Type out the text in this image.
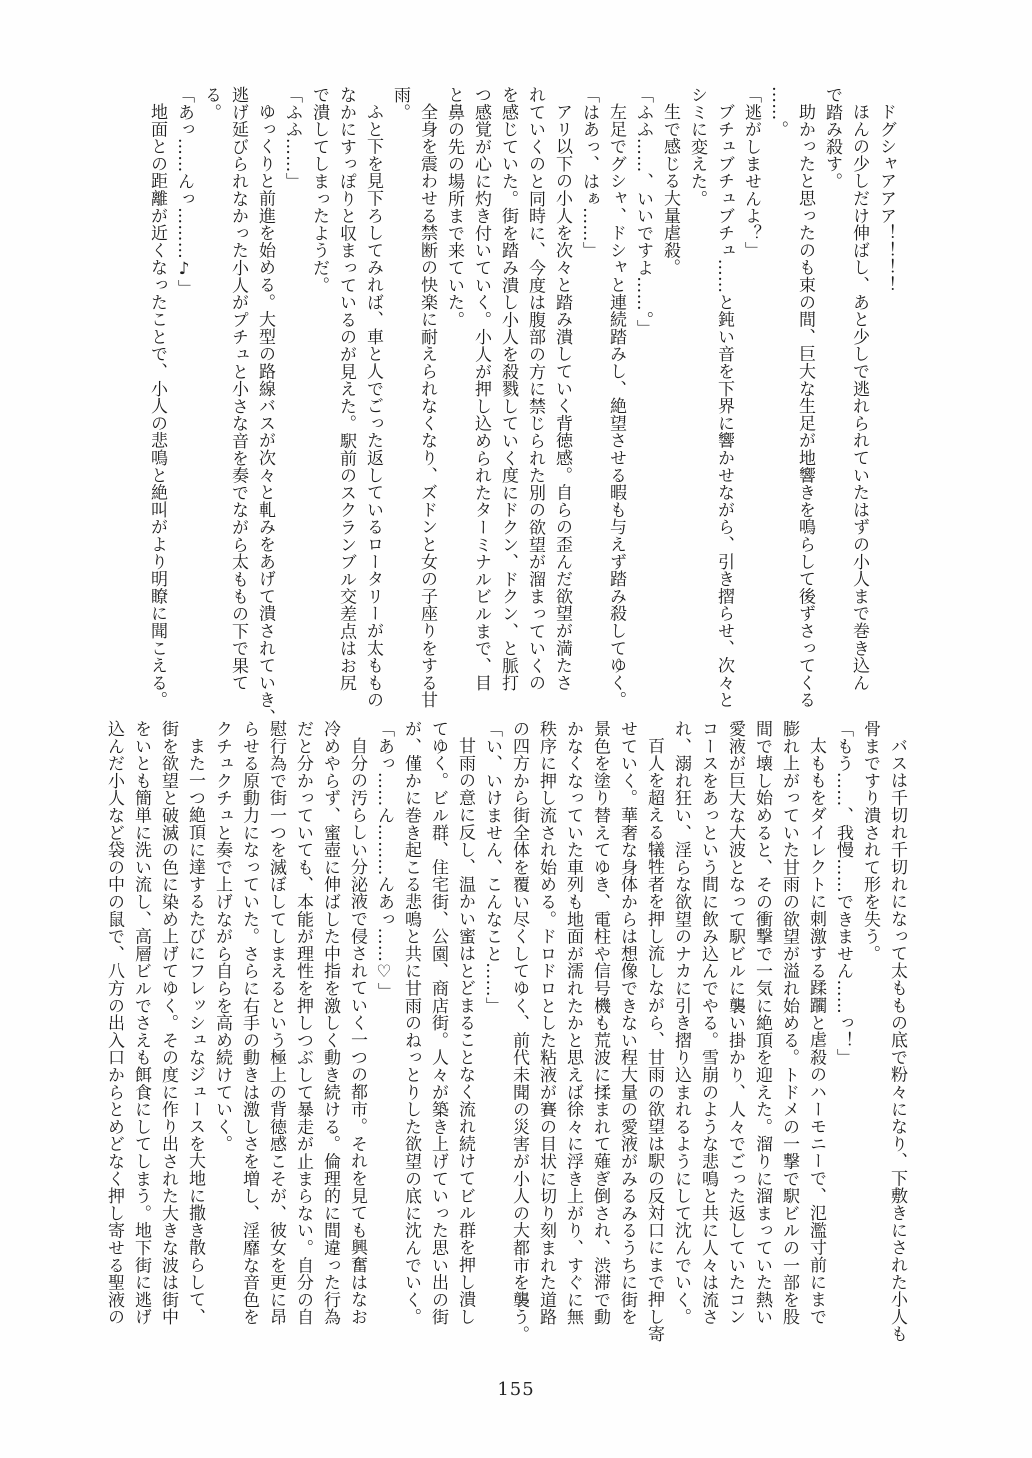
ドグシャアアア！！！！
ほんの少しだけ伸ばし、あと少しで逃れられていたはずの小人まで巻き込ん
で踏み殺す。
助かったと思ったのも束の間、巨大な生足が地響きを鳴らして後ずさってくる
……。
「逃がしませんよ？」
ブチュブチュブチュ……と鈍い音を下界に響かせながら、引き摺らせ、次々と
シミに変えた。
生で感じる大量虐殺。
「ふふ……、いいですよ……。」
左足でグシャ、ドシャと連続踏みし、絶望させる暇も与えず踏み殺してゆく。
「はあっ、はぁ……」
アリ以下の小人を次々と踏み潰していく背徳感。自らの歪んだ欲望が満たさ
れていくのと同時に、今度は腹部の方に禁じられた別の欲望が溜まっていくの
を感じていた。街を踏み潰し小人を殺戮していく度にドクン、ドクン、と脈打
つ感覚が心に灼き付いていく。小人が押し込められたターミナルビルまで、目
と鼻の先の場所まで来ていた。
全身を震わせる禁断の快楽に耐えられなくなり、ズドンと女の子座りをする甘
雨。
ふと下を見下ろしてみれば、車と人でごった返しているロータリーが太ももの
なかにすっぽりと収まっているのが見えた。駅前のスクランブル交差点はお尻
で潰してしまったようだ。
「ふふ……」
ゆっくりと前進を始める。大型の路線バスが次々と軋みをあげて潰されていき、
逃げ延びられなかった小人がプチュと小さな音を奏でながら太ももの下で果て
る。
「あっ……んっ………♪」
地面との距離が近くなったことで、小人の悲鳴と絶叫がより明瞭に聞こえる。
バスは千切れ千切れになって太ももの底で粉々になり、下敷きにされた小人も
骨まですり潰されて形を失う。
「もう……、我慢……できません……っ！」
太ももをダイレクトに刺激する蹂躙と虐殺のハーモニーで、氾濫寸前にまで
膨れ上がっていた甘雨の欲望が溢れ始める。トドメの一撃で駅ビルの一部を股
間で壊し始めると、その衝撃で一気に絶頂を迎えた。溜りに溜まっていた熱い
愛液が巨大な大波となって駅ビルに襲い掛かり、人々でごった返していたコン
コースをあっという間に飲み込んでやる。雪崩のような悲鳴と共に人々は流さ
れ、溺れ狂い、淫らな欲望のナカに引き摺り込まれるようにして沈んでいく。
百人を超える犠牲者を押し流しながら、甘雨の欲望は駅の反対口にまで押し寄
せていく。華奢な身体からは想像できない程大量の愛液がみるみるうちに街を
景色を塗り替えてゆき、電柱や信号機も荒波に揉まれて薙ぎ倒され、渋滞で動
かなくなっていた車列も地面が濡れたかと思えば徐々に浮き上がり、すぐに無
秩序に押し流され始める。ドロドロとした粘液が賽の目状に切り刻まれた道路
の四方から街全体を覆い尽くしてゆく、前代未聞の災害が小人の大都市を襲う。
「い、いけません、こんなこと……」
甘雨の意に反し、温かい蜜はとどまることなく流れ続けてビル群を押し潰し
てゆく。ビル群、住宅街、公園、商店街。人々が築き上げていった思い出の街
が、僅かに巻き起こる悲鳴と共に甘雨のねっとりした欲望の底に沈んでいく。
「あっ……ん………んあっ……♡」
自分の汚らしい分泌液で侵されていく一つの都市。それを見ても興奮はなお
冷めやらず、蜜壺に伸ばした中指を激しく動き続ける。倫理的に間違った行為
だと分かっていても、本能が理性を押しつぶして暴走が止まらない。自分の自
慰行為で街一つを滅ぼしてしまえるという極上の背徳感こそが、彼女を更に昂
らせる原動力になっていた。さらに右手の動きは激しさを増し、淫靡な音色を
クチュクチュと奏で上げながら自らを高め続けていく。
また一つ絶頂に達するたびにフレッシュなジュースを大地に撒き散らして、
街を欲望と破滅の色に染め上げてゆく。その度に作り出された大きな波は街中
をいとも簡単に洗い流し、高層ビルでさえも餌食にしてしまう。地下街に逃げ
込んだ小人など袋の中の鼠で、八方の出入口からとめどなく押し寄せる聖液の
155
